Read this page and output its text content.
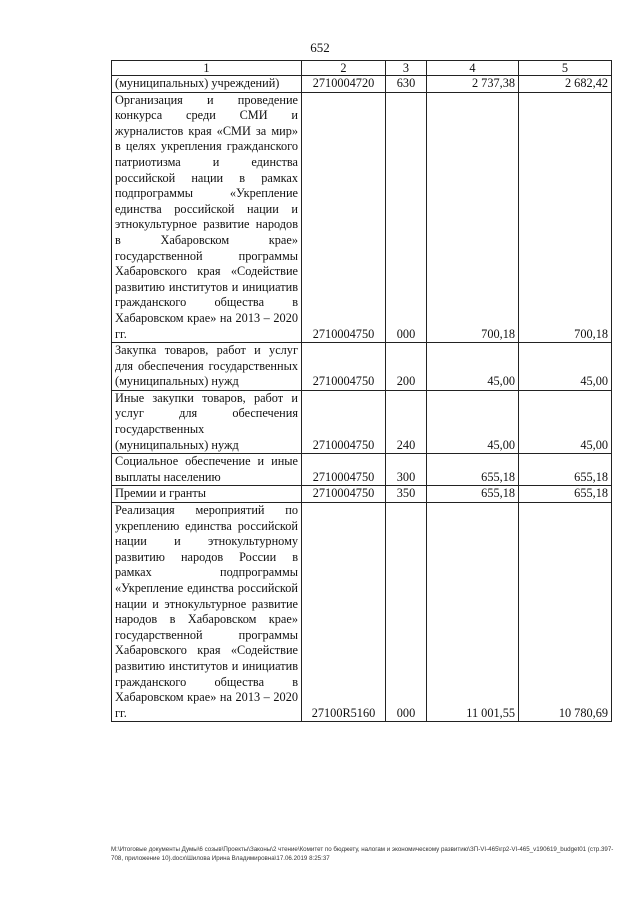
652
1	2	3	4	5
(муниципальных) учреждений)	2710004720	630	2 737,38	2 682,42
Организация и проведение конкурса среди СМИ и журналистов края «СМИ за мир» в целях укрепления гражданского патриотизма и единства российской нации в рамках подпрограммы «Укрепление единства российской нации и этнокультурное развитие народов в Хабаровском крае» государственной программы Хабаровского края «Содействие развитию институтов и инициатив гражданского общества в Хабаровском крае» на 2013 – 2020 гг.	2710004750	000	700,18	700,18
Закупка товаров, работ и услуг для обеспечения государственных (муниципальных) нужд	2710004750	200	45,00	45,00
Иные закупки товаров, работ и услуг для обеспечения государственных (муниципальных) нужд	2710004750	240	45,00	45,00
Социальное обеспечение и иные выплаты населению	2710004750	300	655,18	655,18
Премии и гранты	2710004750	350	655,18	655,18
Реализация мероприятий по укреплению единства российской нации и этнокультурному развитию народов России в рамках подпрограммы «Укрепление единства российской нации и этнокультурное развитие народов в Хабаровском крае» государственной программы Хабаровского края «Содействие развитию институтов и инициатив гражданского общества в Хабаровском крае» на 2013 – 2020 гг.	27100R5160	000	11 001,55	10 780,69
М:\Итоговые документы Думы\6 созыв\Проекты\Законы\2 чтение\Комитет по бюджету, налогам и экономическому развитию\ЗП-VI-465\гр2-VI-465_v190619_budget01 (стр.397-708, приложение 10).docx\Шилова Ирина Владимировна\17.06.2019 8:25:37
